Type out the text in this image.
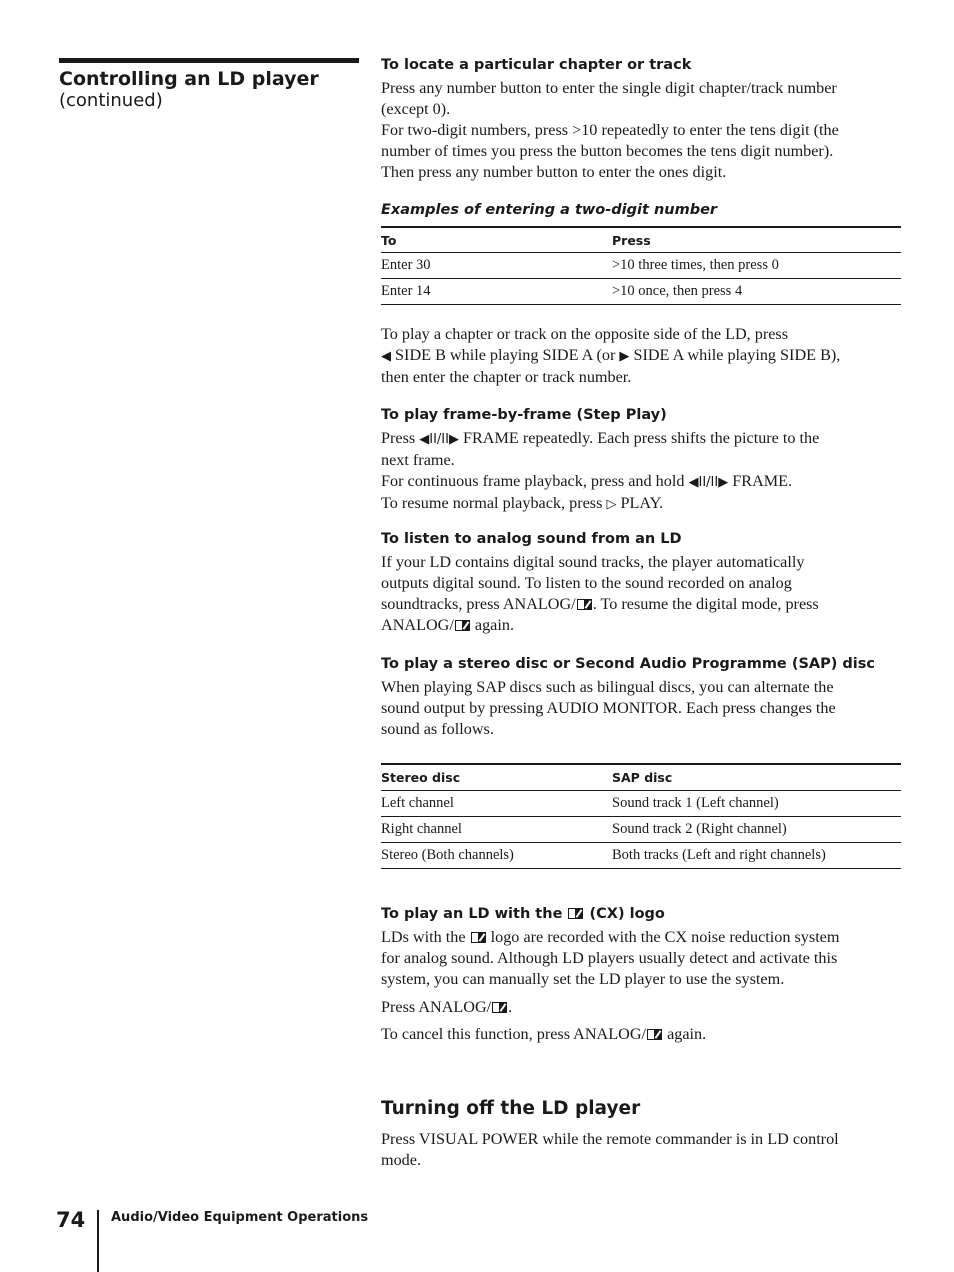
Controlling an LD player
(continued)
To locate a particular chapter or track
Press any number button to enter the single digit chapter/track number
(except 0).
For two-digit numbers, press >10 repeatedly to enter the tens digit (the
number of times you press the button becomes the tens digit number).
Then press any number button to enter the ones digit.
Examples of entering a two-digit number
To	Press
Enter 30	>10 three times, then press 0
Enter 14	>10 once, then press 4
To play a chapter or track on the opposite side of the LD, press
◀ SIDE B while playing SIDE A (or ▶ SIDE A while playing SIDE B),
then enter the chapter or track number.
To play frame-by-frame (Step Play)
Press ◀II/II▶ FRAME repeatedly. Each press shifts the picture to the
next frame.
For continuous frame playback, press and hold ◀II/II▶ FRAME.
To resume normal playback, press ▷ PLAY.
To listen to analog sound from an LD
If your LD contains digital sound tracks, the player automatically
outputs digital sound. To listen to the sound recorded on analog
soundtracks, press ANALOG/ . To resume the digital mode, press
ANALOG/
again.
To play a stereo disc or Second Audio Programme (SAP) disc
When playing SAP discs such as bilingual discs, you can alternate the
sound output by pressing AUDIO MONITOR. Each press changes the
sound as follows.
Stereo disc	SAP disc
Left channel	Sound track 1 (Left channel)
Right channel	Sound track 2 (Right channel)
Stereo (Both channels)	Both tracks (Left and right channels)
To play an LD with the
(CX) logo
LDs with the
logo are recorded with the CX noise reduction system
for analog sound. Although LD players usually detect and activate this
system, you can manually set the LD player to use the system.
Press ANALOG/ .
To cancel this function, press ANALOG/
again.
Turning off the LD player
Press VISUAL POWER while the remote commander is in LD control
mode.
74 Audio/Video Equipment Operations
